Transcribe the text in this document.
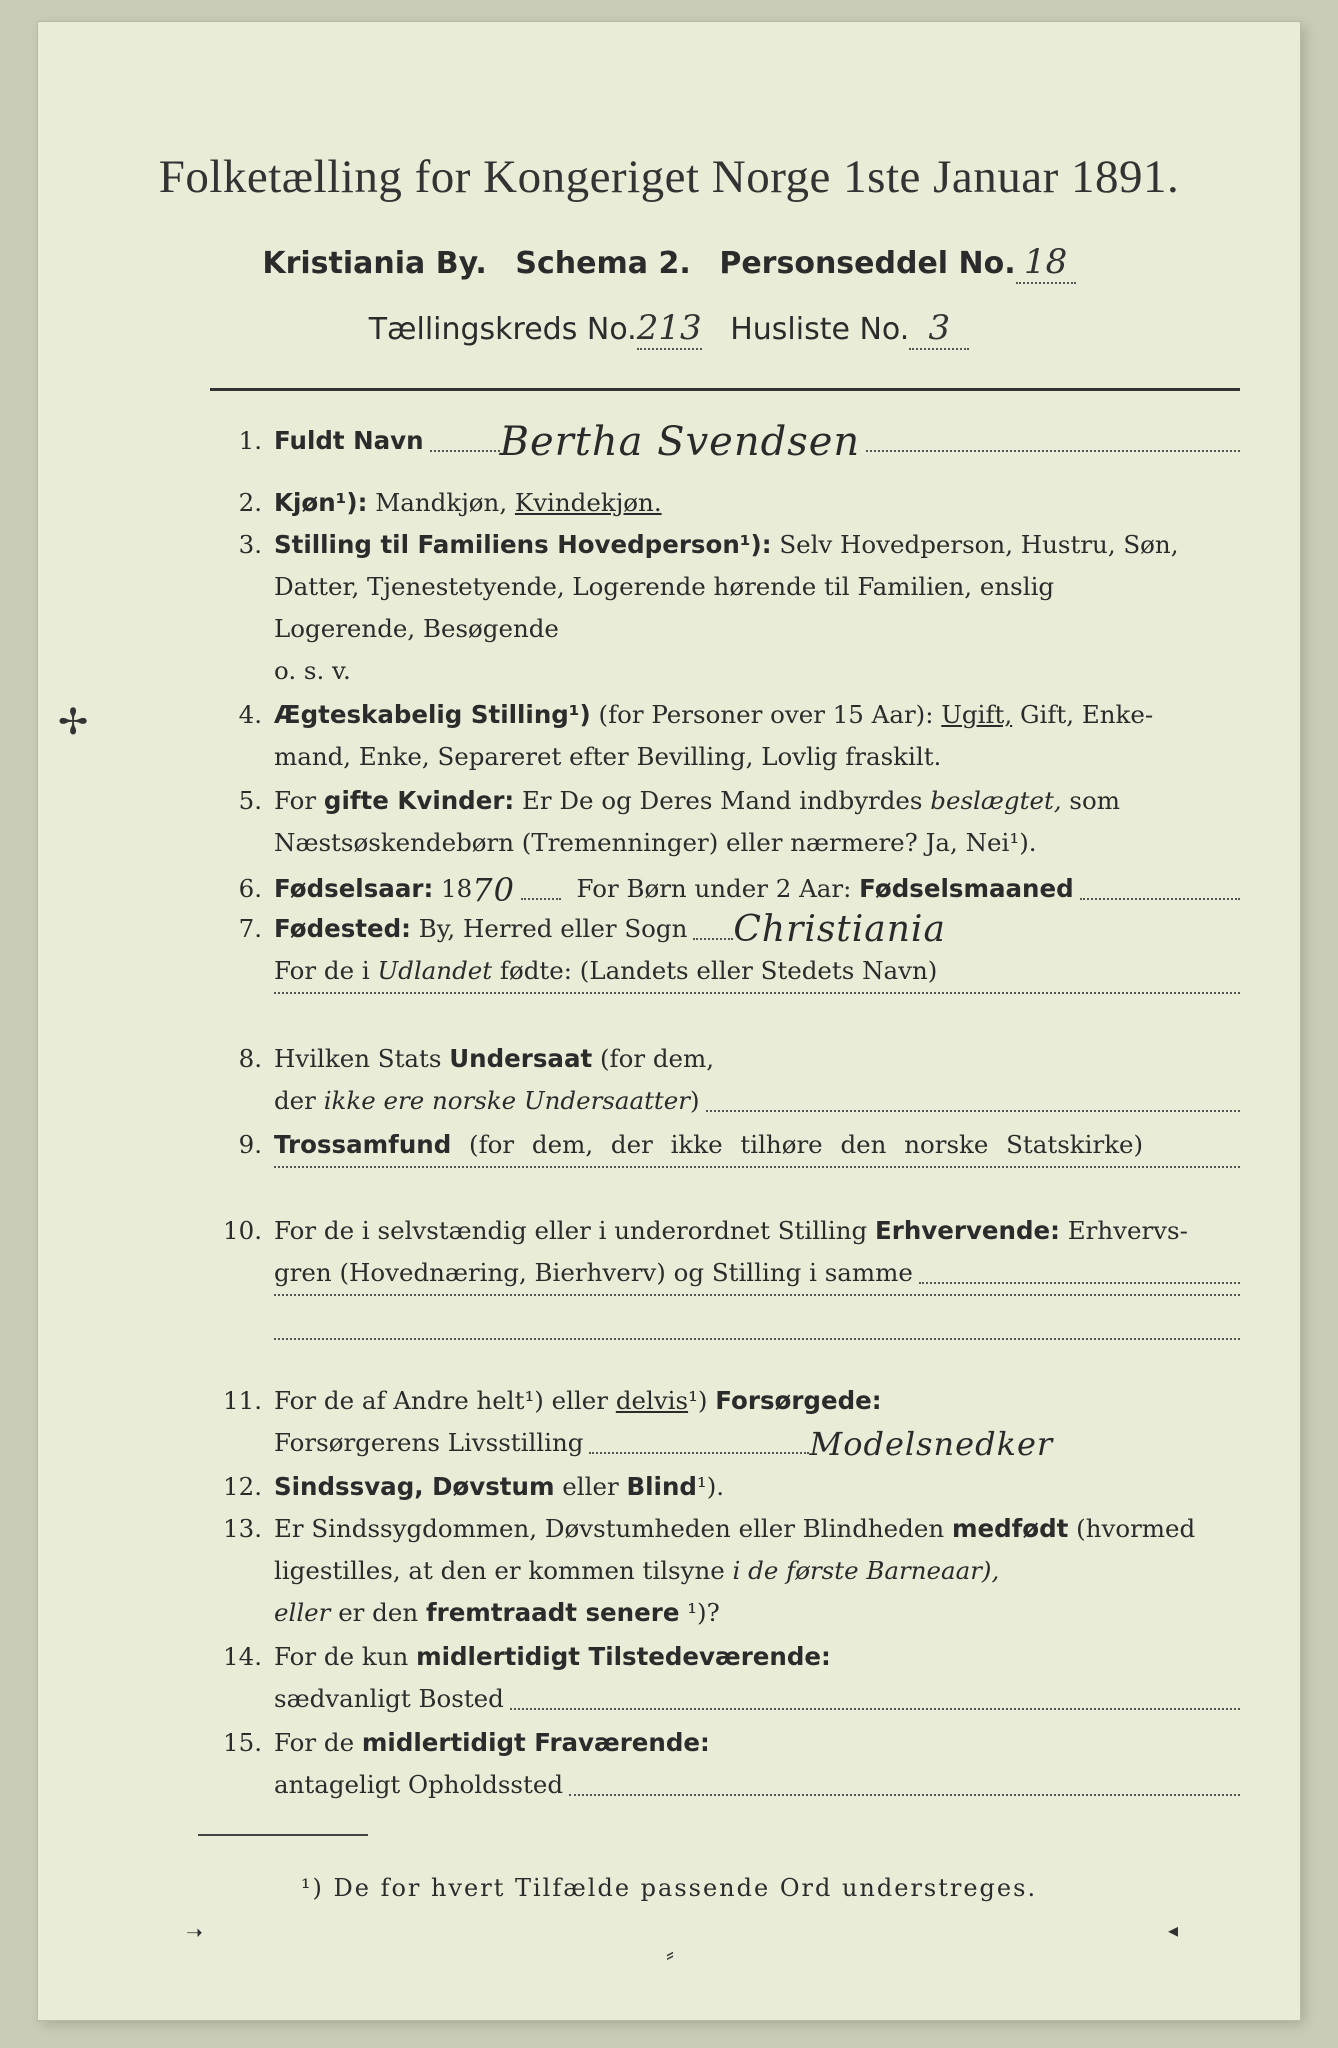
Folketælling for Kongeriget Norge 1ste Januar 1891.
Kristiania By. Schema 2. Personseddel No. 18
Tællingskreds No.213 Husliste No. 3
1. Fuldt Navn Bertha Svendsen
2. Kjøn¹): Mandkjøn, Kvindekjøn.
3. Stilling til Familiens Hovedperson¹): Selv Hovedperson, Hustru, Søn,
Datter, Tjenestetyende, Logerende hørende til Familien, enslig
Logerende, Besøgende
o. s. v.
4. Ægteskabelig Stilling¹) (for Personer over 15 Aar): Ugift, Gift, Enke-
mand, Enke, Separeret efter Bevilling, Lovlig fraskilt.
5. For gifte Kvinder: Er De og Deres Mand indbyrdes beslægtet, som
Næstsøskendebørn (Tremenninger) eller nærmere? Ja, Nei¹).
6. Fødselsaar:
18 70
	For Børn under 2 Aar:
Fødselsmaaned
7. Fødested:
By, Herred eller Sogn Christiania
For de i Udlandet fødte: (Landets eller Stedets Navn)
8. Hvilken Stats Undersaat (for dem,
der
ikke ere norske Undersaatter )
9. Trossamfund (for dem, der ikke tilhøre den norske Statskirke)
10. For de i selvstændig eller i underordnet Stilling Erhvervende: Erhvervs-
gren (Hovednæring, Bierhverv) og Stilling i samme
11. For de af Andre helt¹) eller delvis¹) Forsørgede:
Forsørgerens Livsstilling	Modelsnedker
12. Sindssvag, Døvstum eller Blind¹).
13. Er Sindssygdommen, Døvstumheden eller Blindheden medfødt (hvormed
ligestilles, at den er kommen tilsyne i de første Barneaar),
eller er den fremtraadt senere ¹)?
14. For de kun midlertidigt Tilstedeværende:
sædvanligt Bosted
15. For de midlertidigt Fraværende:
antageligt Opholdssted
¹) De for hvert Tilfælde passende Ord understreges.
✢
➝
⸗
◂
